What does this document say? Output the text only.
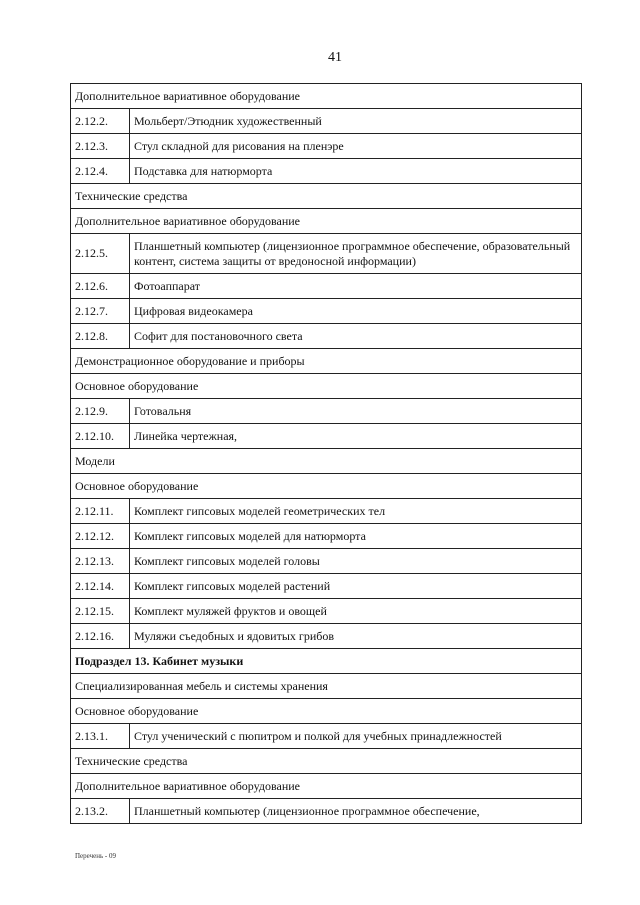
41
Дополнительное вариативное оборудование	
2.12.2.	Мольберт/Этюдник художественный
2.12.3.	Стул складной для рисования на пленэре
2.12.4.	Подставка для натюрморта
Технические средства	
Дополнительное вариативное оборудование	
2.12.5.	Планшетный компьютер (лицензионное программное обеспечение, образовательный контент, система защиты от вредоносной информации)
2.12.6.	Фотоаппарат
2.12.7.	Цифровая видеокамера
2.12.8.	Софит для постановочного света
Демонстрационное оборудование и приборы	
Основное оборудование	
2.12.9.	Готовальня
2.12.10.	Линейка чертежная,
Модели	
Основное оборудование	
2.12.11.	Комплект гипсовых моделей геометрических тел
2.12.12.	Комплект гипсовых моделей для натюрморта
2.12.13.	Комплект гипсовых моделей головы
2.12.14.	Комплект гипсовых моделей растений
2.12.15.	Комплект муляжей фруктов и овощей
2.12.16.	Муляжи съедобных и ядовитых грибов
Подраздел 13. Кабинет музыки	
Специализированная мебель и системы хранения	
Основное оборудование	
2.13.1.	Стул ученический с пюпитром и полкой для учебных принадлежностей
Технические средства	
Дополнительное вариативное оборудование	
2.13.2.	Планшетный компьютер (лицензионное программное обеспечение,
Перечень - 09
